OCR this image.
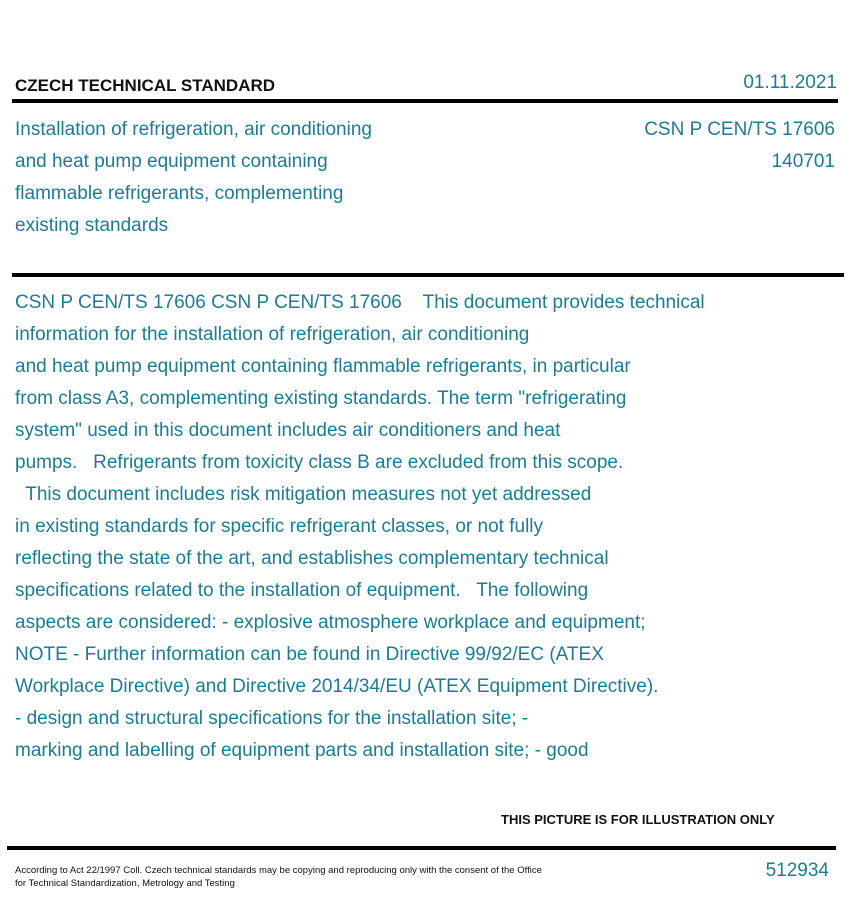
CZECH TECHNICAL STANDARD	01.11.2021
Installation of refrigeration, air conditioning
and heat pump equipment containing
flammable refrigerants, complementing
existing standards
CSN P CEN/TS 17606
140701
CSN P CEN/TS 17606 CSN P CEN/TS 17606    This document provides technical
information for the installation of refrigeration, air conditioning
and heat pump equipment containing flammable refrigerants, in particular
from class A3, complementing existing standards. The term "refrigerating
system" used in this document includes air conditioners and heat
pumps.   Refrigerants from toxicity class B are excluded from this scope.
This document includes risk mitigation measures not yet addressed
in existing standards for specific refrigerant classes, or not fully
reflecting the state of the art, and establishes complementary technical
specifications related to the installation of equipment.   The following
aspects are considered: - explosive atmosphere workplace and equipment;
NOTE - Further information can be found in Directive 99/92/EC (ATEX
Workplace Directive) and Directive 2014/34/EU (ATEX Equipment Directive).
- design and structural specifications for the installation site; -
marking and labelling of equipment parts and installation site; - good
THIS PICTURE IS FOR ILLUSTRATION ONLY
According to Act 22/1997 Coll. Czech technical standards may be copying and reproducing only with the consent of the Office
for Technical Standardization, Metrology and Testing
512934
